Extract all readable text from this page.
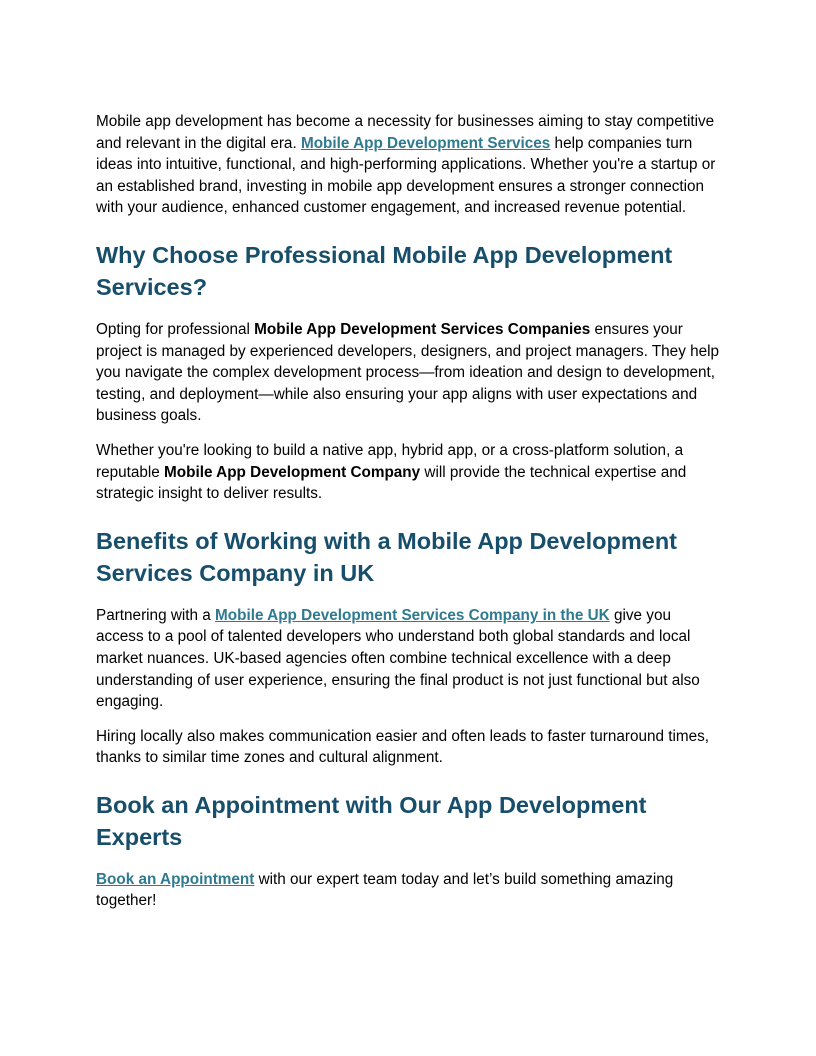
Mobile app development has become a necessity for businesses aiming to stay competitive and relevant in the digital era. Mobile App Development Services help companies turn ideas into intuitive, functional, and high-performing applications. Whether you're a startup or an established brand, investing in mobile app development ensures a stronger connection with your audience, enhanced customer engagement, and increased revenue potential.

Why Choose Professional Mobile App Development Services?

Opting for professional Mobile App Development Services Companies ensures your project is managed by experienced developers, designers, and project managers. They help you navigate the complex development process—from ideation and design to development, testing, and deployment—while also ensuring your app aligns with user expectations and business goals.

Whether you're looking to build a native app, hybrid app, or a cross-platform solution, a reputable Mobile App Development Company will provide the technical expertise and strategic insight to deliver results.

Benefits of Working with a Mobile App Development Services Company in UK

Partnering with a Mobile App Development Services Company in the UK give you access to a pool of talented developers who understand both global standards and local market nuances. UK-based agencies often combine technical excellence with a deep understanding of user experience, ensuring the final product is not just functional but also engaging.

Hiring locally also makes communication easier and often leads to faster turnaround times, thanks to similar time zones and cultural alignment.

Book an Appointment with Our App Development Experts

Book an Appointment with our expert team today and let’s build something amazing together!
